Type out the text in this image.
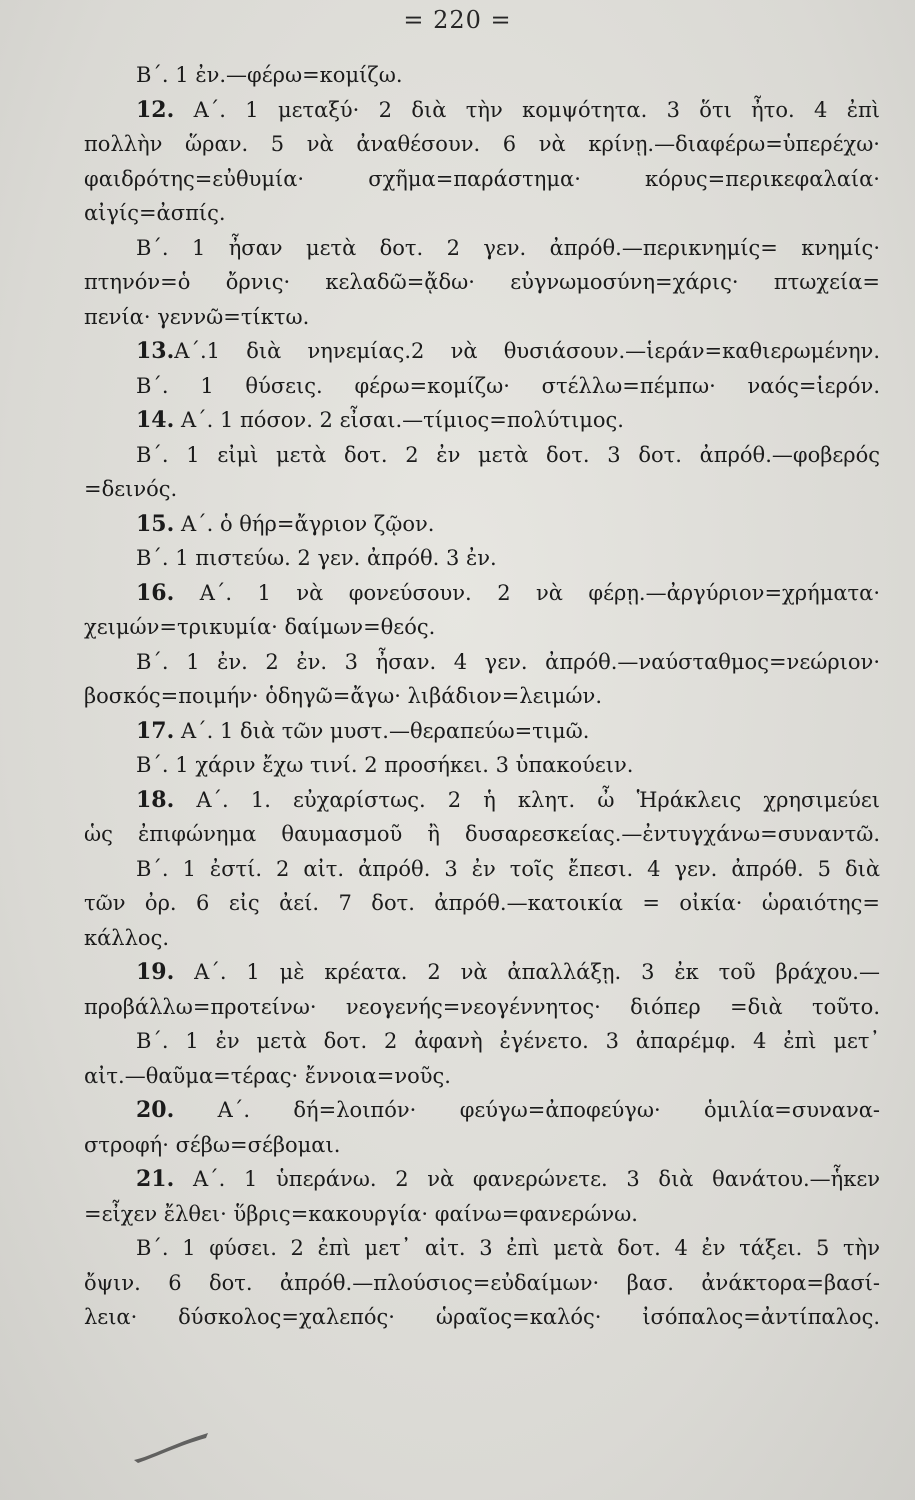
= 220 =
Β΄. 1 ἐν.—φέρω=κομίζω.
12. Α΄. 1 μεταξύ· 2 διὰ τὴν κομψότητα. 3 ὅτι ἦτο. 4 ἐπὶ
πολλὴν ὥραν. 5 νὰ ἀναθέσουν. 6 νὰ κρίνῃ.—διαφέρω=ὑπερέχω·
φαιδρότης=εὐθυμία· σχῆμα=παράστημα· κόρυς=περικεφαλαία·
αἰγίς=ἀσπίς.
Β΄. 1 ἦσαν μετὰ δοτ. 2 γεν. ἀπρόθ.—περικνημίς= κνημίς·
πτηνόν=ὁ ὄρνις· κελαδῶ=ᾄδω· εὐγνωμοσύνη=χάρις· πτωχεία=
πενία· γεννῶ=τίκτω.
13.Α΄.1 διὰ νηνεμίας.2 νὰ θυσιάσουν.—ἱεράν=καθιερωμένην.
Β΄. 1 θύσεις. φέρω=κομίζω· στέλλω=πέμπω· ναός=ἱερόν.
14. Α΄. 1 πόσον. 2 εἶσαι.—τίμιος=πολύτιμος.
Β΄. 1 εἰμὶ μετὰ δοτ. 2 ἐν μετὰ δοτ. 3 δοτ. ἀπρόθ.—φοβερός
=δεινός.
15. Α΄. ὁ θήρ=ἄγριον ζῷον.
Β΄. 1 πιστεύω. 2 γεν. ἀπρόθ. 3 ἐν.
16. Α΄. 1 νὰ φονεύσουν. 2 νὰ φέρῃ.—ἀργύριον=χρήματα·
χειμών=τρικυμία· δαίμων=θεός.
Β΄. 1 ἐν. 2 ἐν. 3 ἦσαν. 4 γεν. ἀπρόθ.—ναύσταθμος=νεώριον·
βοσκός=ποιμήν· ὁδηγῶ=ἄγω· λιβάδιον=λειμών.
17. Α΄. 1 διὰ τῶν μυστ.—θεραπεύω=τιμῶ.
Β΄. 1 χάριν ἔχω τινί. 2 προσήκει. 3 ὑπακούειν.
18. Α΄. 1. εὐχαρίστως. 2 ἡ κλητ. ὦ Ἡράκλεις χρησιμεύει
ὡς ἐπιφώνημα θαυμασμοῦ ἢ δυσαρεσκείας.—ἐντυγχάνω=συναντῶ.
Β΄. 1 ἐστί. 2 αἰτ. ἀπρόθ. 3 ἐν τοῖς ἔπεσι. 4 γεν. ἀπρόθ. 5 διὰ
τῶν ὀρ. 6 εἰς ἀεί. 7 δοτ. ἀπρόθ.—κατοικία = οἰκία· ὡραιότης=
κάλλος.
19. Α΄. 1 μὲ κρέατα. 2 νὰ ἀπαλλάξῃ. 3 ἐκ τοῦ βράχου.—
προβάλλω=προτείνω· νεογενής=νεογέννητος· διόπερ =διὰ τοῦτο.
Β΄. 1 ἐν μετὰ δοτ. 2 ἀφανὴ ἐγένετο. 3 ἀπαρέμφ. 4 ἐπὶ μετ᾽
αἰτ.—θαῦμα=τέρας· ἔννοια=νοῦς.
20. Α΄. δή=λοιπόν· φεύγω=ἀποφεύγω· ὁμιλία=συνανα-
στροφή· σέβω=σέβομαι.
21. Α΄. 1 ὑπεράνω. 2 νὰ φανερώνετε. 3 διὰ θανάτου.—ἧκεν
=εἶχεν ἔλθει· ὕβρις=κακουργία· φαίνω=φανερώνω.
Β΄. 1 φύσει. 2 ἐπὶ μετ᾽ αἰτ. 3 ἐπὶ μετὰ δοτ. 4 ἐν τάξει. 5 τὴν
ὄψιν. 6 δοτ. ἀπρόθ.—πλούσιος=εὐδαίμων· βασ. ἀνάκτορα=βασί-
λεια· δύσκολος=χαλεπός· ὡραῖος=καλός· ἰσόπαλος=ἀντίπαλος.
